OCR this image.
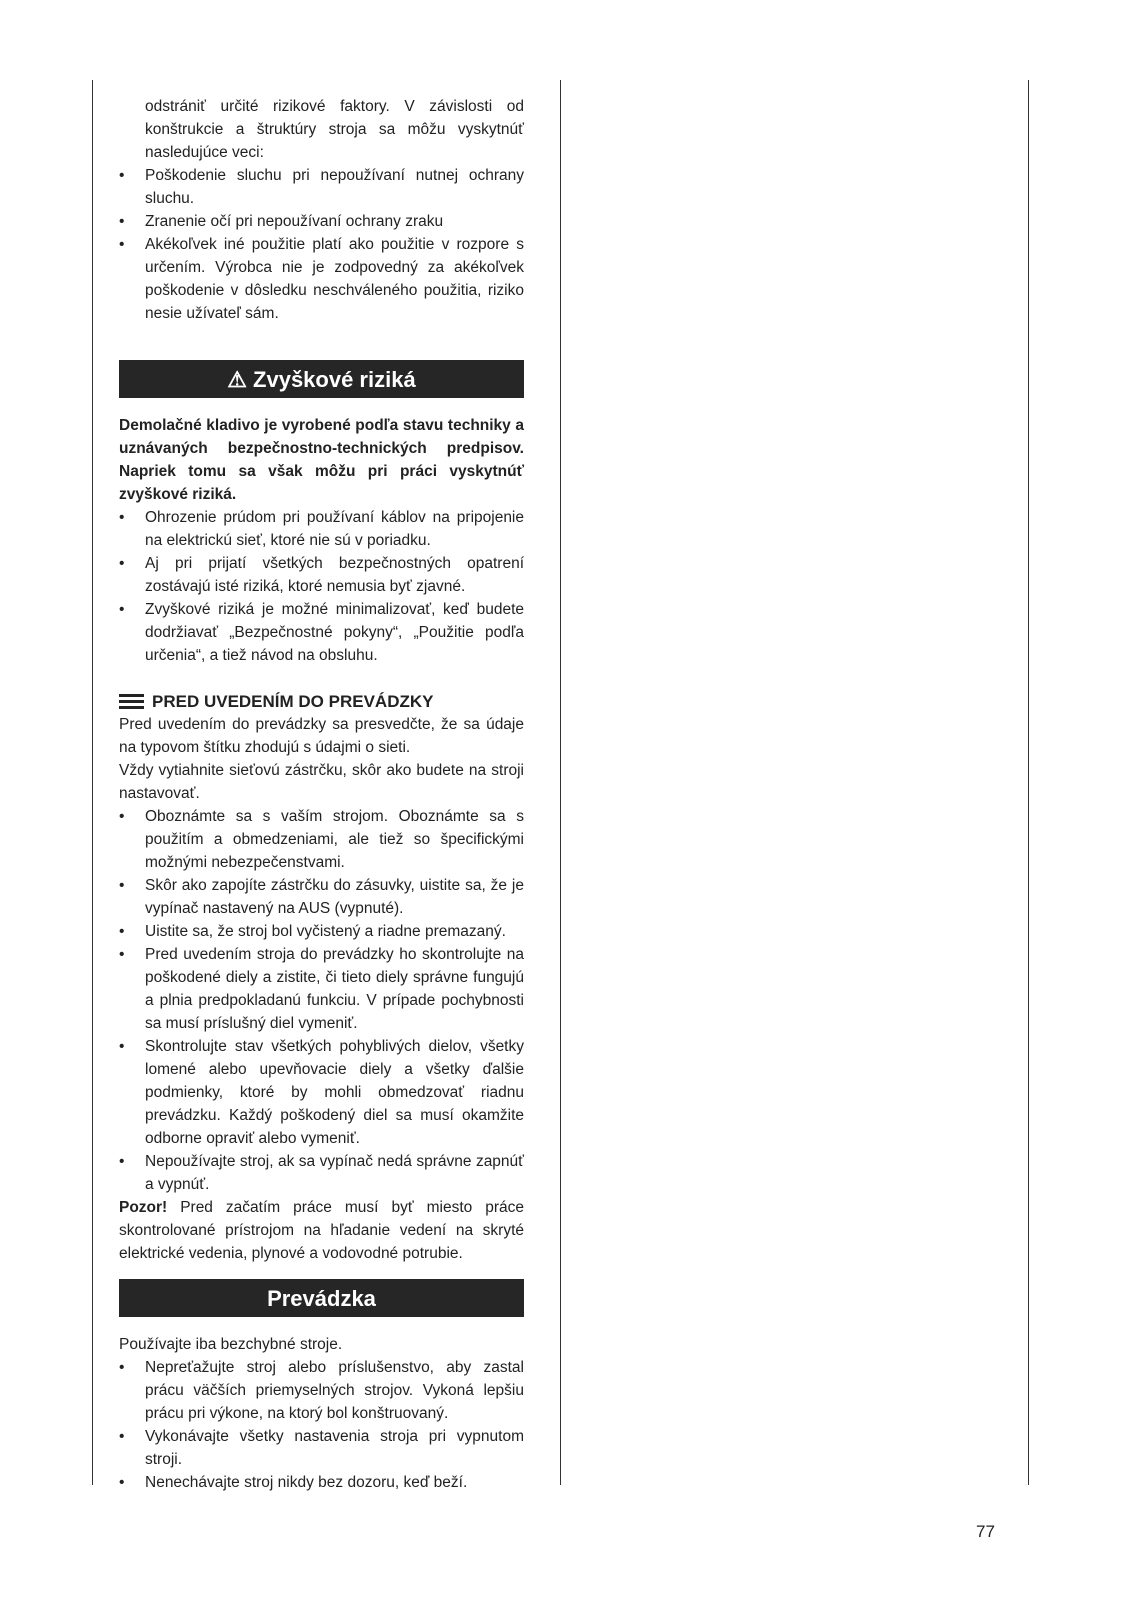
odstrániť určité rizikové faktory. V závislosti od konštrukcie a štruktúry stroja sa môžu vyskytnúť nasledujúce veci:

• Poškodenie sluchu pri nepoužívaní nutnej ochrany sluchu.
• Zranenie očí pri nepoužívaní ochrany zraku
• Akékoľvek iné použitie platí ako použitie v rozpore s určením. Výrobca nie je zodpovedný za akékoľvek poškodenie v dôsledku neschváleného použitia, riziko nesie užívateľ sám.
⚠ Zvyškové riziká

Demolačné kladivo je vyrobené podľa stavu techniky a uznávaných bezpečnostno-technických predpisov. Napriek tomu sa však môžu pri práci vyskytnúť zvyškové riziká.

• Ohrozenie prúdom pri používaní káblov na pripojenie na elektrickú sieť, ktoré nie sú v poriadku.
• Aj pri prijatí všetkých bezpečnostných opatrení zostávajú isté riziká, ktoré nemusia byť zjavné.
• Zvyškové riziká je možné minimalizovať, keď budete dodržiavať „Bezpečnostné pokyny“, „Použitie podľa určenia“, a tiež návod na obsluhu.
PRED UVEDENÍM DO PREVÁDZKY

Pred uvedením do prevádzky sa presvedčte, že sa údaje na typovom štítku zhodujú s údajmi o sieti.

Vždy vytiahnite sieťovú zástrčku, skôr ako budete na stroji nastavovať.

• Oboznámte sa s vaším strojom. Oboznámte sa s použitím a obmedzeniami, ale tiež so špecifickými možnými nebezpečenstvami.
• Skôr ako zapojíte zástrčku do zásuvky, uistite sa, že je vypínač nastavený na AUS (vypnuté).
• Uistite sa, že stroj bol vyčistený a riadne premazaný.
• Pred uvedením stroja do prevádzky ho skontrolujte na poškodené diely a zistite, či tieto diely správne fungujú a plnia predpokladanú funkciu. V prípade pochybnosti sa musí príslušný diel vymeniť.
• Skontrolujte stav všetkých pohyblivých dielov, všetky lomené alebo upevňovacie diely a všetky ďalšie podmienky, ktoré by mohli obmedzovať riadnu prevádzku. Každý poškodený diel sa musí okamžite odborne opraviť alebo vymeniť.
• Nepoužívajte stroj, ak sa vypínač nedá správne zapnúť a vypnúť.

Pozor! Pred začatím práce musí byť miesto práce skontrolované prístrojom na hľadanie vedení na skryté elektrické vedenia, plynové a vodovodné potrubie.

Prevádzka

Používajte iba bezchybné stroje.

• Nepreťažujte stroj alebo príslušenstvo, aby zastal prácu väčších priemyselných strojov. Vykoná lepšiu prácu pri výkone, na ktorý bol konštruovaný.
• Vykonávajte všetky nastavenia stroja pri vypnutom stroji.
• Nenechávajte stroj nikdy bez dozoru, keď beží.
77
